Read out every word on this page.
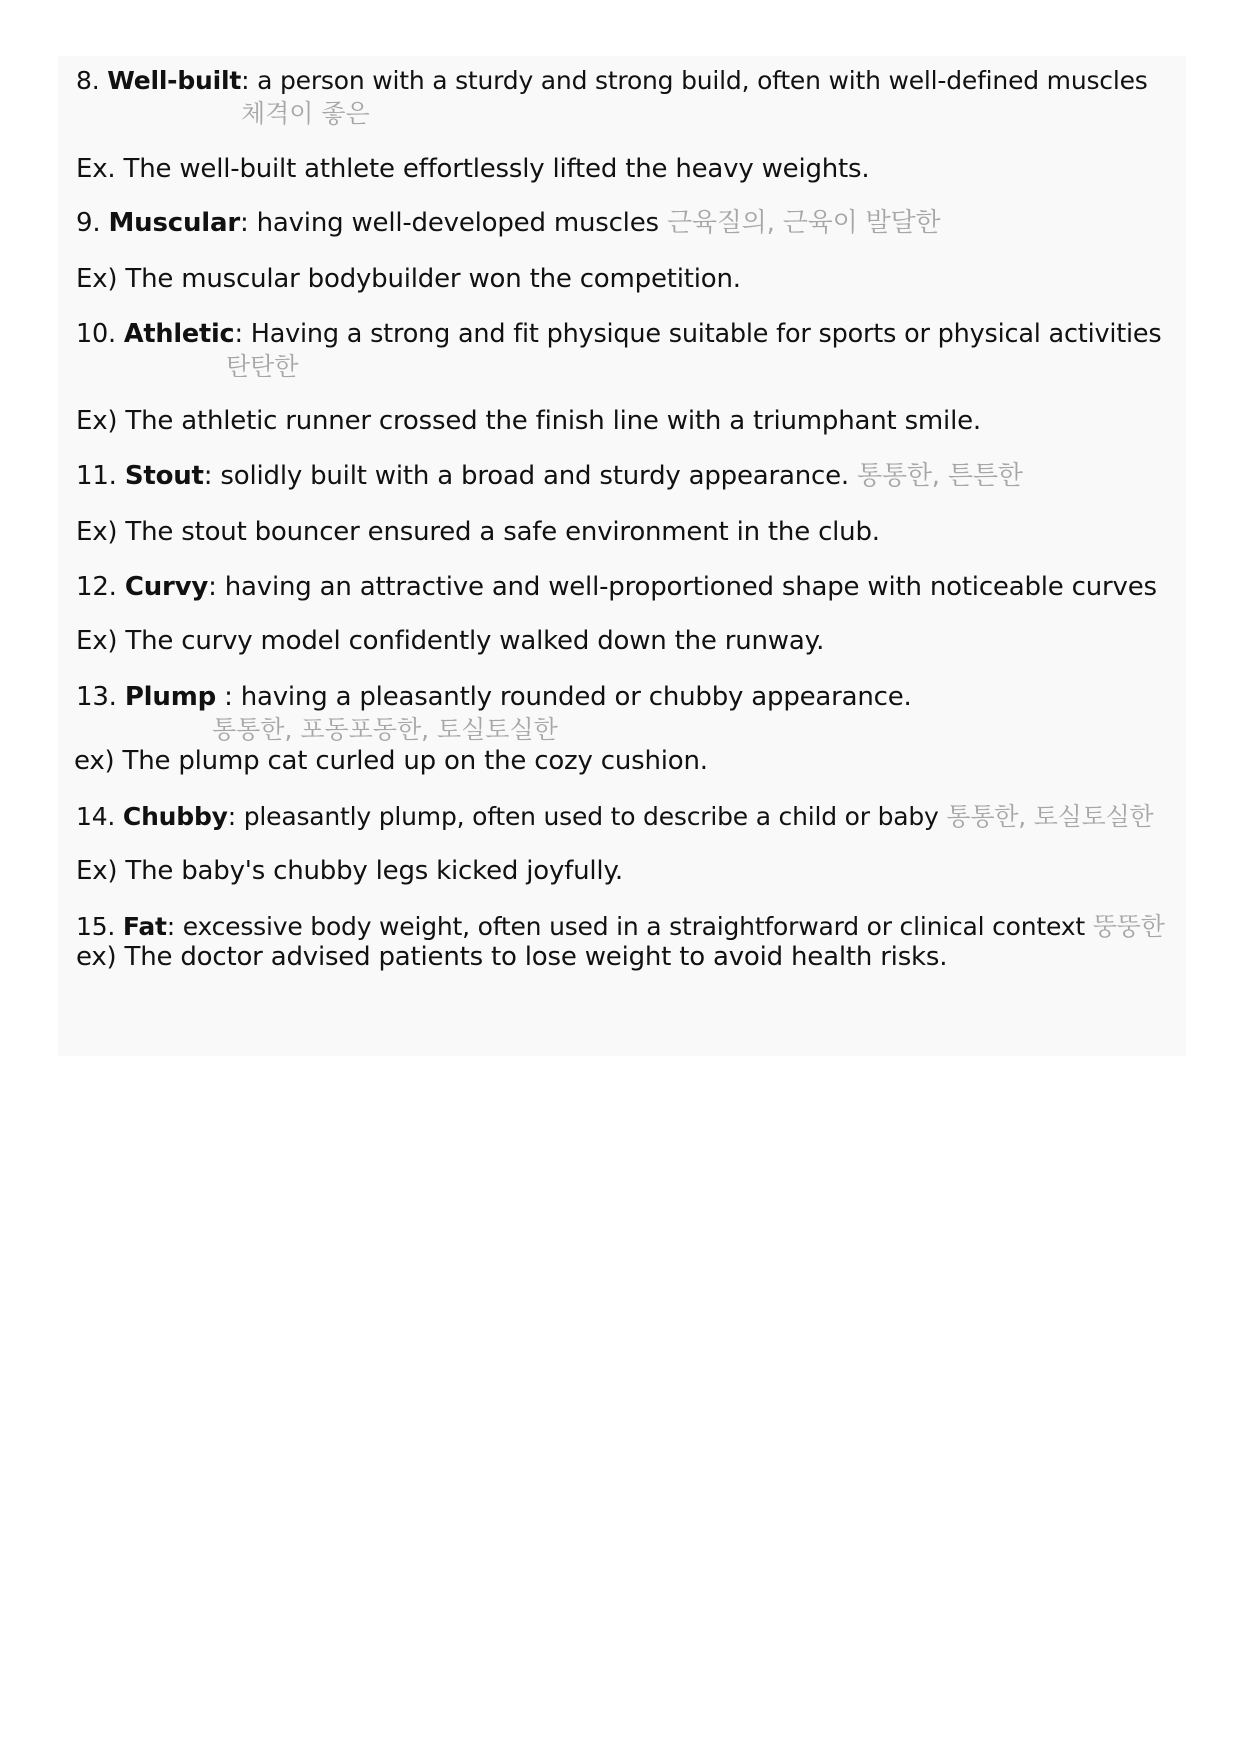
8. Well-built: a person with a sturdy and strong build, often with well-defined muscles
체격이 좋은
Ex. The well-built athlete effortlessly lifted the heavy weights.
9. Muscular: having well-developed muscles 근육질의, 근육이 발달한
Ex) The muscular bodybuilder won the competition.
10. Athletic: Having a strong and fit physique suitable for sports or physical activities
탄탄한
Ex) The athletic runner crossed the finish line with a triumphant smile.
11. Stout: solidly built with a broad and sturdy appearance. 통통한, 튼튼한
Ex) The stout bouncer ensured a safe environment in the club.
12. Curvy: having an attractive and well-proportioned shape with noticeable curves
Ex) The curvy model confidently walked down the runway.
13. Plump : having a pleasantly rounded or chubby appearance.
통통한, 포동포동한, 토실토실한
ex) The plump cat curled up on the cozy cushion.
14. Chubby: pleasantly plump, often used to describe a child or baby 통통한, 토실토실한
Ex) The baby's chubby legs kicked joyfully.
15. Fat: excessive body weight, often used in a straightforward or clinical context 뚱뚱한
ex) The doctor advised patients to lose weight to avoid health risks.
